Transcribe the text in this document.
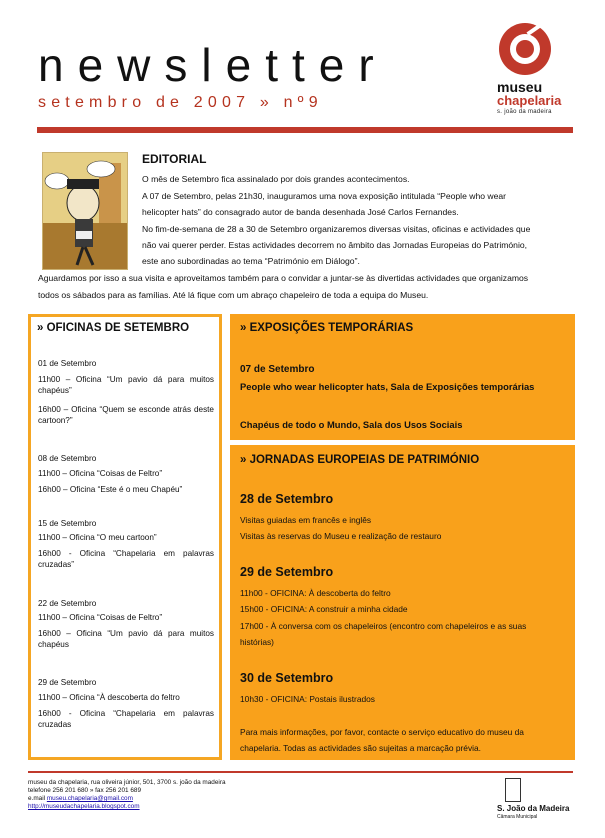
newsletter
setembro de 2007 » nº9
museu
chapelaria
s. joão da madeira
EDITORIAL
O mês de Setembro fica assinalado por dois grandes acontecimentos.
A 07 de Setembro, pelas 21h30, inauguramos uma nova exposição intitulada “People who wear
helicopter hats” do consagrado autor de banda desenhada José Carlos Fernandes.
No fim-de-semana de 28 a 30 de Setembro organizaremos diversas visitas, oficinas e actividades que
não vai querer perder. Estas actividades decorrem no âmbito das Jornadas Europeias do Património,
este ano subordinadas ao tema “Património em Diálogo”.
Aguardamos por isso a sua visita e aproveitamos também para o convidar a juntar-se às divertidas actividades que organizamos
todos os sábados para as famílias. Até lá fique com um abraço chapeleiro de toda a equipa do Museu.
» OFICINAS DE SETEMBRO
01 de Setembro
11h00 – Oficina “Um pavio dá para muitos chapéus”
16h00 – Oficina “Quem se esconde atrás deste cartoon?”
08 de Setembro
11h00 – Oficina “Coisas de Feltro”
16h00 – Oficina “Este é o meu Chapéu”
15 de Setembro
11h00 – Oficina “O meu cartoon”
16h00 - Oficina “Chapelaria em palavras cruzadas”
22 de Setembro
11h00 – Oficina “Coisas de Feltro”
16h00 – Oficina “Um pavio dá para muitos chapéus
29 de Setembro
11h00 – Oficina “À descoberta do feltro
16h00 - Oficina “Chapelaria em palavras cruzadas
» EXPOSIÇÕES TEMPORÁRIAS
07 de Setembro
People who wear helicopter hats, Sala de Exposições temporárias
Chapéus de todo o Mundo, Sala dos Usos Sociais
» JORNADAS EUROPEIAS DE PATRIMÓNIO
28 de Setembro
Visitas guiadas em francês e inglês
Visitas às reservas do Museu e realização de restauro
29 de Setembro
11h00 - OFICINA: À descoberta do feltro
15h00 - OFICINA: A construir a minha cidade
17h00 - À conversa com os chapeleiros (encontro com chapeleiros e as suas
histórias)
30 de Setembro
10h30 - OFICINA: Postais ilustrados
Para mais informações, por favor, contacte o serviço educativo do museu da
chapelaria. Todas as actividades são sujeitas a marcação prévia.
museu da chapelaria, rua oliveira júnior, 501, 3700 s. joão da madeira
telefone 256 201 680 » fax 256 201 689
e.mail museu.chapelaria@gmail.com
http://museudachapelaria.blogspot.com	S. João da Madeira
Câmara Municipal
